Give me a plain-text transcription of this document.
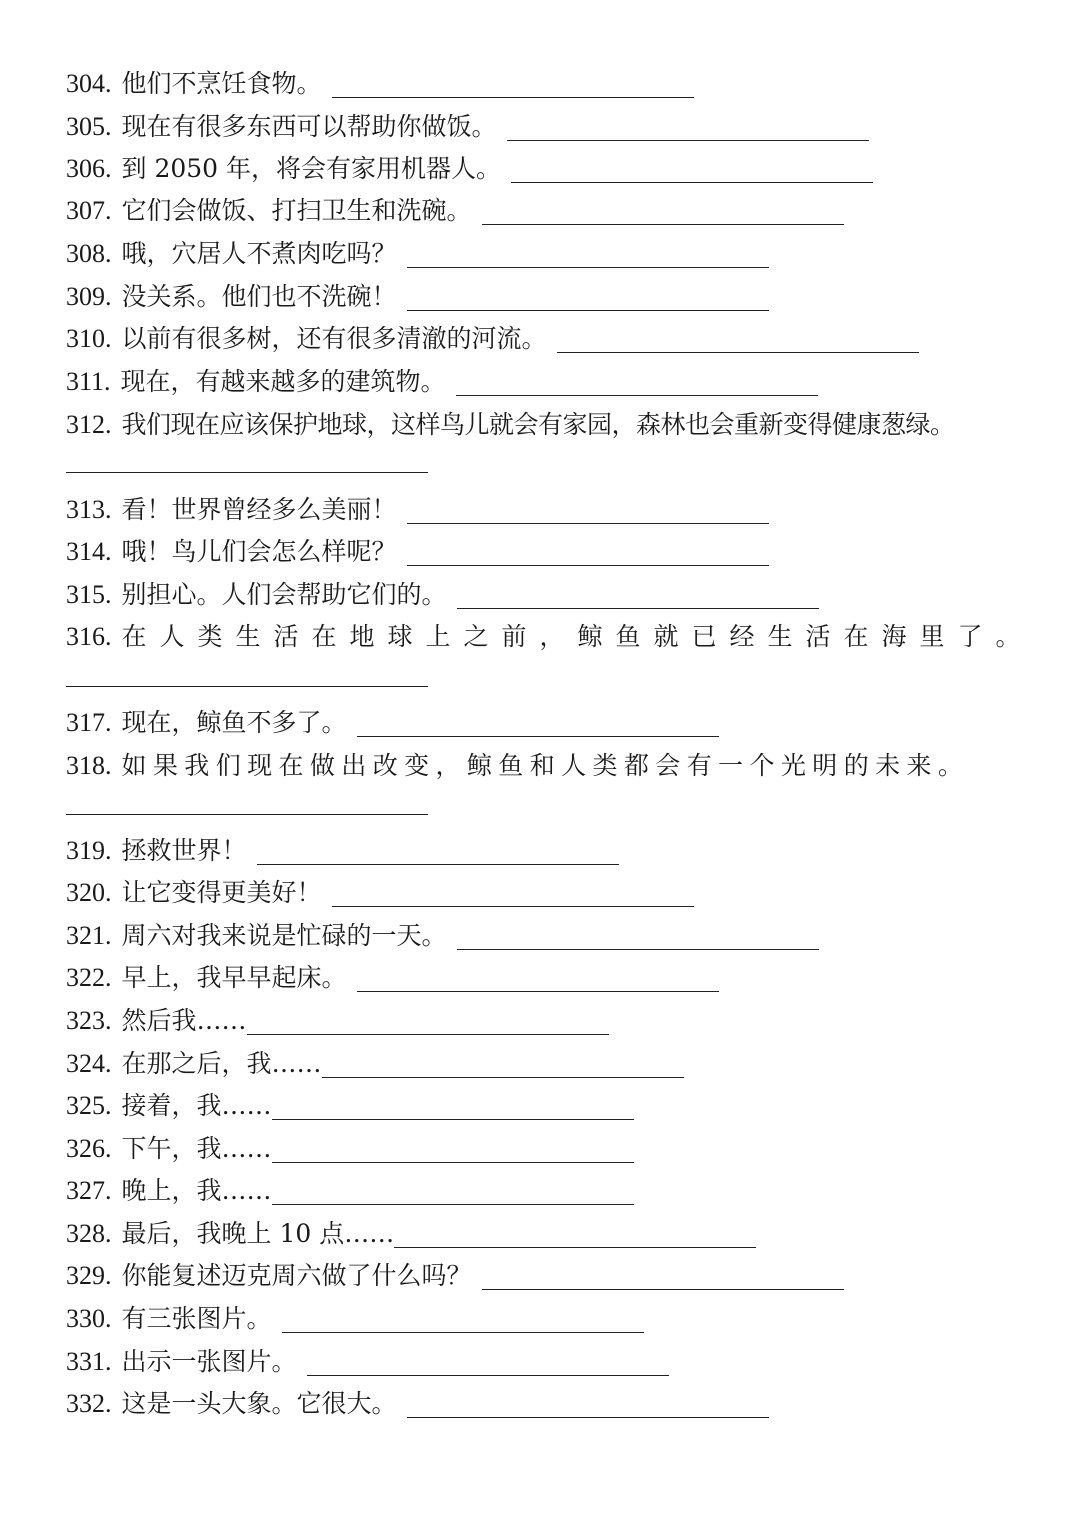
304. 他们不烹饪食物。
305. 现在有很多东西可以帮助你做饭。
306. 到 2050 年，将会有家用机器人。
307. 它们会做饭、打扫卫生和洗碗。
308. 哦，穴居人不煮肉吃吗？
309. 没关系。他们也不洗碗！
310. 以前有很多树，还有很多清澈的河流。
311. 现在，有越来越多的建筑物。
312. 我们现在应该保护地球，这样鸟儿就会有家园，森林也会重新变得健康葱绿。
313. 看！世界曾经多么美丽！
314. 哦！鸟儿们会怎么样呢？
315. 别担心。人们会帮助它们的。
316. 在人类生活在地球上之前，鲸鱼就已经生活在海里了。
317. 现在，鲸鱼不多了。
318. 如果我们现在做出改变，鲸鱼和人类都会有一个光明的未来。
319. 拯救世界！
320. 让它变得更美好！
321. 周六对我来说是忙碌的一天。
322. 早上，我早早起床。
323. 然后我……
324. 在那之后，我……
325. 接着，我……
326. 下午，我……
327. 晚上，我……
328. 最后，我晚上 10 点……
329. 你能复述迈克周六做了什么吗？
330. 有三张图片。
331. 出示一张图片。
332. 这是一头大象。它很大。
